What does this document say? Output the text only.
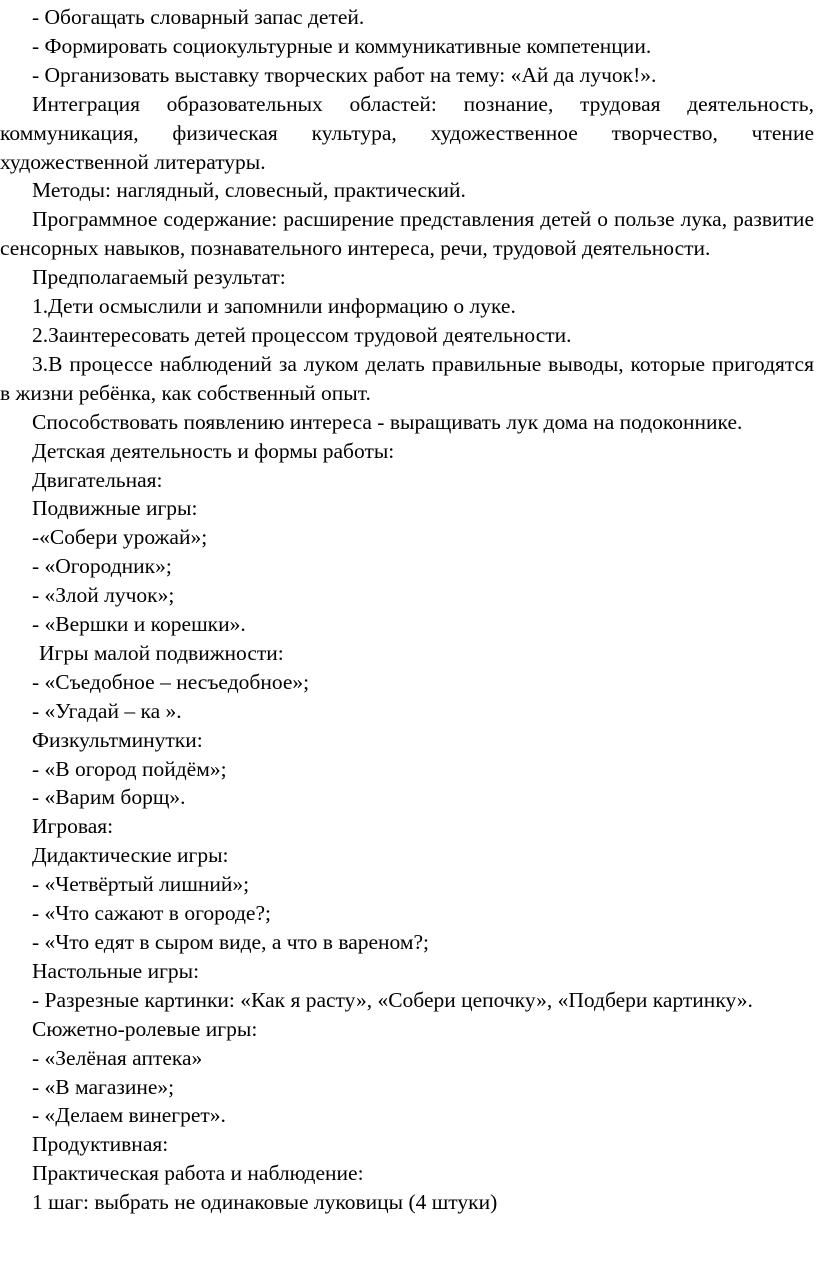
- Обогащать словарный запас детей.

- Формировать социокультурные и коммуникативные компетенции.

- Организовать выставку творческих работ на тему: «Ай да лучок!».

Интеграция образовательных областей: познание, трудовая деятельность, коммуникация, физическая культура, художественное творчество, чтение художественной литературы.

Методы: наглядный, словесный, практический.

Программное содержание: расширение представления детей о пользе лука, развитие сенсорных навыков, познавательного интереса, речи, трудовой деятельности.

Предполагаемый результат:

1.Дети осмыслили и запомнили информацию о луке.

2.Заинтересовать детей процессом трудовой деятельности.

3.В процессе наблюдений за луком делать правильные выводы, которые пригодятся в жизни ребёнка, как собственный опыт.

Способствовать появлению интереса - выращивать лук дома на подоконнике.

Детская деятельность и формы работы:

Двигательная:

Подвижные игры:

-«Собери урожай»;

- «Огородник»;

- «Злой лучок»;

- «Вершки и корешки».

Игры малой подвижности:

- «Съедобное – несъедобное»;

- «Угадай – ка ».

Физкультминутки:

- «В огород пойдём»;

- «Варим борщ».

Игровая:

Дидактические игры:

- «Четвёртый лишний»;

- «Что сажают в огороде?;

- «Что едят в сыром виде, а что в вареном?;

Настольные игры:

- Разрезные картинки: «Как я расту», «Собери цепочку», «Подбери картинку».

Сюжетно-ролевые игры:

- «Зелёная аптека»

- «В магазине»;

- «Делаем винегрет».

Продуктивная:

Практическая работа и наблюдение:

1 шаг: выбрать не одинаковые луковицы (4 штуки)
